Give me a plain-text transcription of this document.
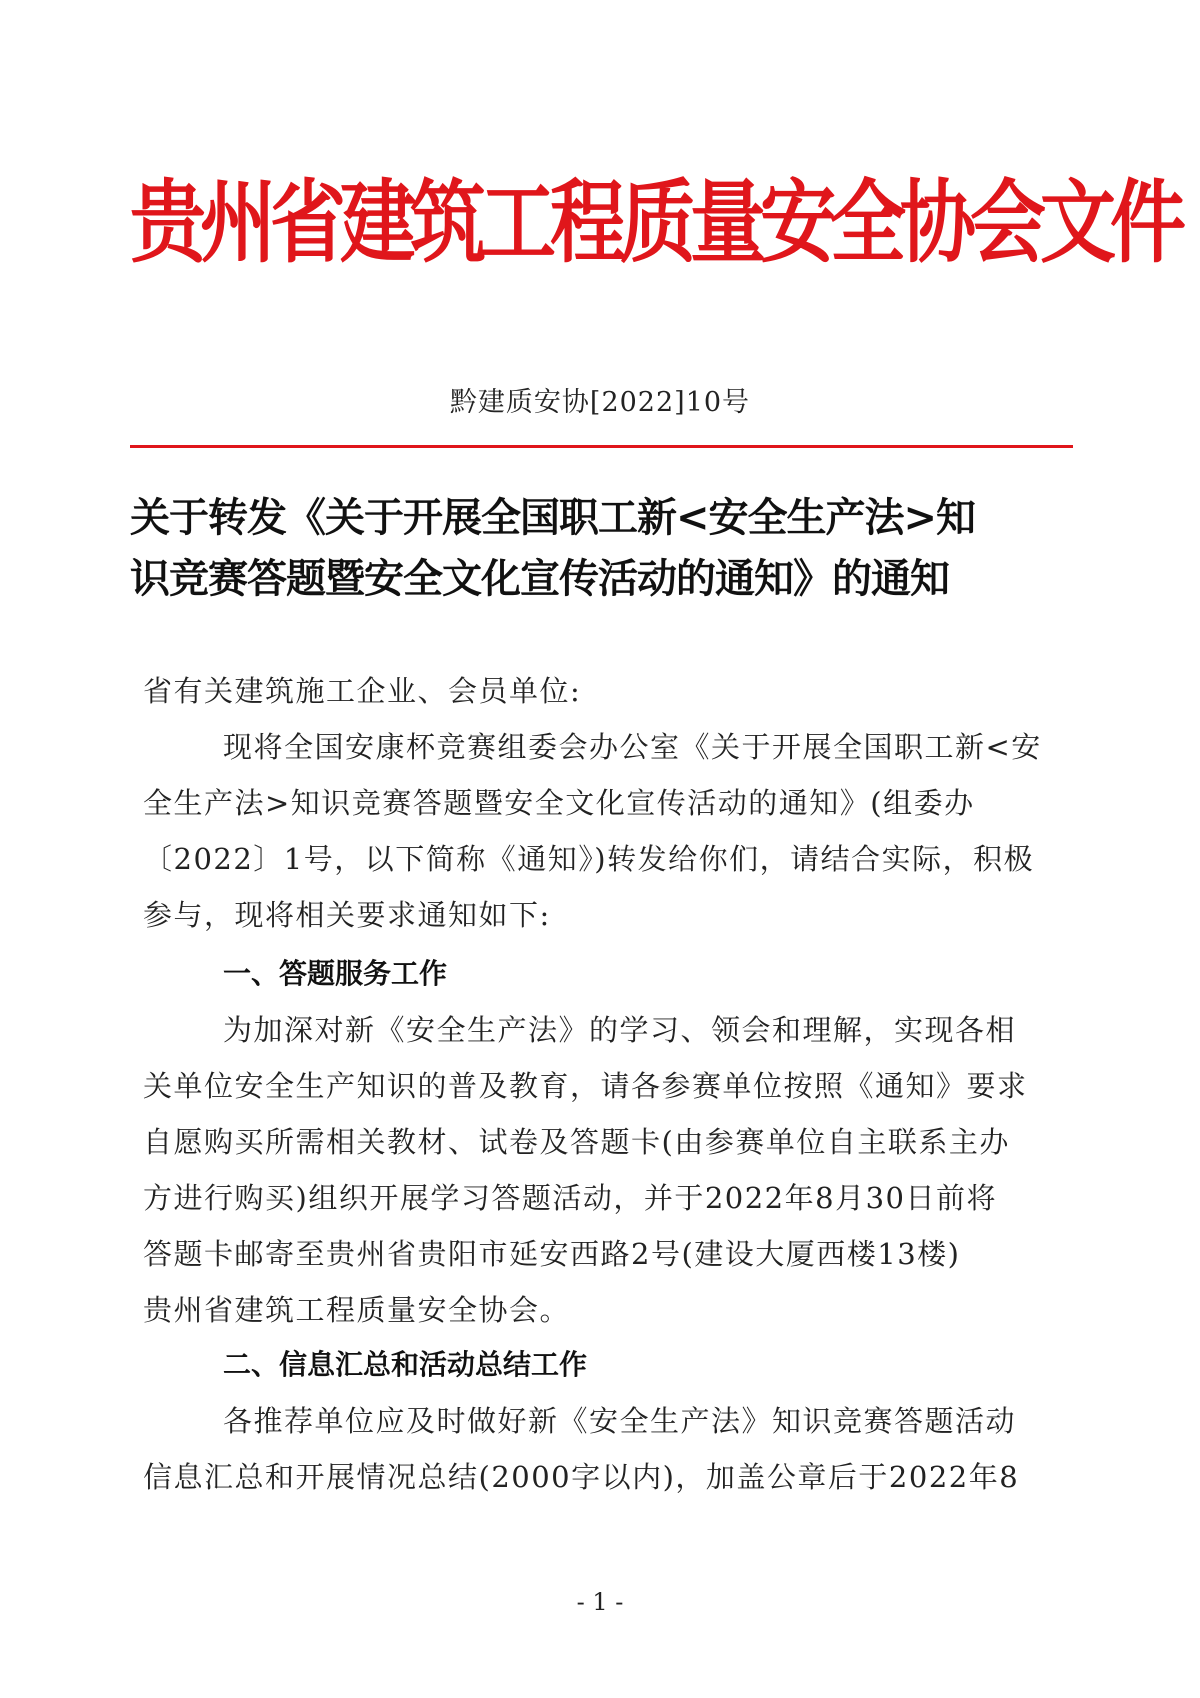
贵州省建筑工程质量安全协会文件
黔建质安协[2022]10号
关于转发《关于开展全国职工新<安全生产法>知
识竞赛答题暨安全文化宣传活动的通知》的通知
省有关建筑施工企业、会员单位:
现将全国安康杯竞赛组委会办公室《关于开展全国职工新<安
全生产法>知识竞赛答题暨安全文化宣传活动的通知》(组委办
〔2022〕1号，以下简称《通知》)转发给你们，请结合实际，积极
参与，现将相关要求通知如下:
一、答题服务工作
为加深对新《安全生产法》的学习、领会和理解，实现各相
关单位安全生产知识的普及教育，请各参赛单位按照《通知》要求
自愿购买所需相关教材、试卷及答题卡(由参赛单位自主联系主办
方进行购买)组织开展学习答题活动，并于2022年8月30日前将
答题卡邮寄至贵州省贵阳市延安西路2号(建设大厦西楼13楼)
贵州省建筑工程质量安全协会。
二、信息汇总和活动总结工作
各推荐单位应及时做好新《安全生产法》知识竞赛答题活动
信息汇总和开展情况总结(2000字以内)，加盖公章后于2022年8
- 1 -
